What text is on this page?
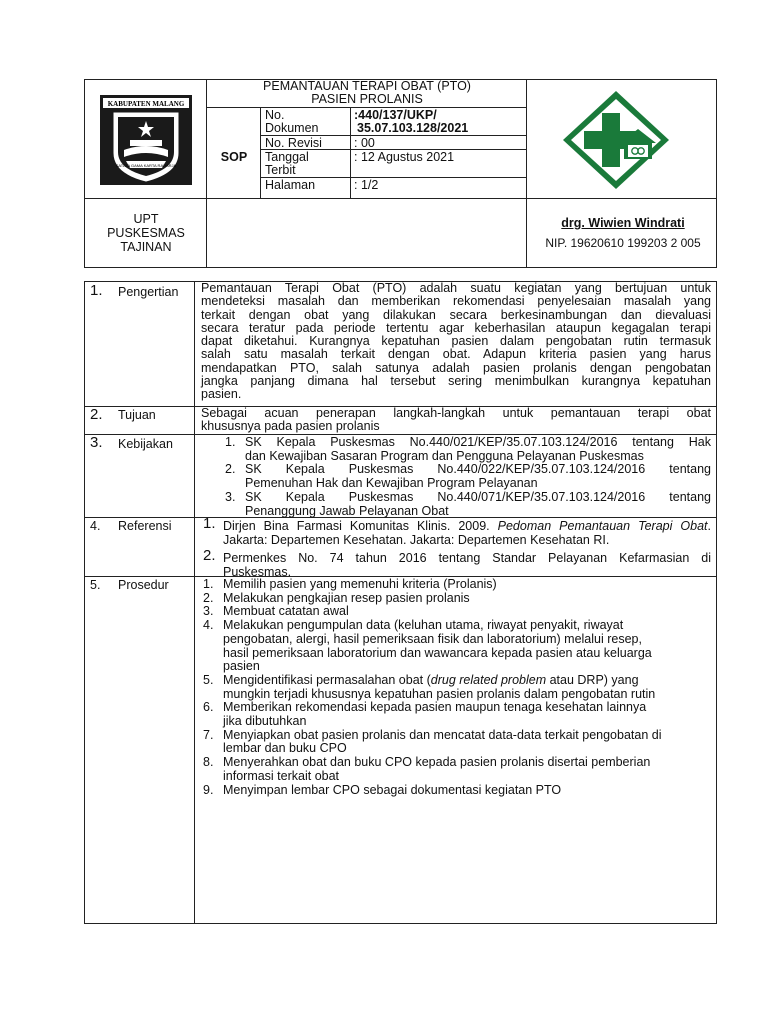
KABUPATEN MALANG
SATATA GAMA KARTA RAHARJA
PEMANTAUAN TERAPI OBAT (PTO)
PASIEN PROLANIS
SOP
No.	:440/137/UKP/
Dokumen	35.07.103.128/2021
No. Revisi	: 00
Tanggal	: 12 Agustus 2021
Terbit
Halaman	: 1/2
UPT
PUSKESMAS
TAJINAN
drg. Wiwien Windrati
NIP. 19620610 199203 2 005
1. Pengertian Pemantauan Terapi Obat (PTO) adalah suatu kegiatan yang bertujuan untuk
mendeteksi masalah dan memberikan rekomendasi penyelesaian masalah yang
terkait dengan obat yang dilakukan secara berkesinambungan dan dievaluasi
secara teratur pada periode tertentu agar keberhasilan ataupun kegagalan terapi
dapat diketahui. Kurangnya kepatuhan pasien dalam pengobatan rutin termasuk
salah satu masalah terkait dengan obat. Adapun kriteria pasien yang harus
mendapatkan PTO, salah satunya adalah pasien prolanis dengan pengobatan
jangka panjang dimana hal tersebut sering menimbulkan kurangnya kepatuhan
pasien.
2. Tujuan	Sebagai acuan penerapan langkah-langkah untuk pemantauan terapi obat
khususnya pada pasien prolanis
3. Kebijakan	1. SK Kepala Puskesmas No.440/021/KEP/35.07.103.124/2016 tentang Hak
dan Kewajiban Sasaran Program dan Pengguna Pelayanan Puskesmas
2. SK Kepala Puskesmas No.440/022/KEP/35.07.103.124/2016 tentang
Pemenuhan Hak dan Kewajiban Program Pelayanan
3. SK Kepala Puskesmas No.440/071/KEP/35.07.103.124/2016 tentang
Penanggung Jawab Pelayanan Obat
4. Referensi 1. Dirjen Bina Farmasi Komunitas Klinis. 2009. Pedoman Pemantauan Terapi Obat. Jakarta: Departemen Kesehatan. Jakarta: Departemen Kesehatan RI.
2. Permenkes No. 74 tahun 2016 tentang Standar Pelayanan Kefarmasian di
Puskesmas.
5. Prosedur	1. Memilih pasien yang memenuhi kriteria (Prolanis)
2. Melakukan pengkajian resep pasien prolanis
3. Membuat catatan awal
4. Melakukan pengumpulan data (keluhan utama, riwayat penyakit, riwayat
pengobatan, alergi, hasil pemeriksaan fisik dan laboratorium) melalui resep,
hasil pemeriksaan laboratorium dan wawancara kepada pasien atau keluarga
pasien
5. Mengidentifikasi permasalahan obat (drug related problem atau DRP) yang
mungkin terjadi khususnya kepatuhan pasien prolanis dalam pengobatan rutin
6. Memberikan rekomendasi kepada pasien maupun tenaga kesehatan lainnya
jika dibutuhkan
7. Menyiapkan obat pasien prolanis dan mencatat data-data terkait pengobatan di
lembar dan buku CPO
8. Menyerahkan obat dan buku CPO kepada pasien prolanis disertai pemberian
informasi terkait obat
9. Menyimpan lembar CPO sebagai dokumentasi kegiatan PTO
